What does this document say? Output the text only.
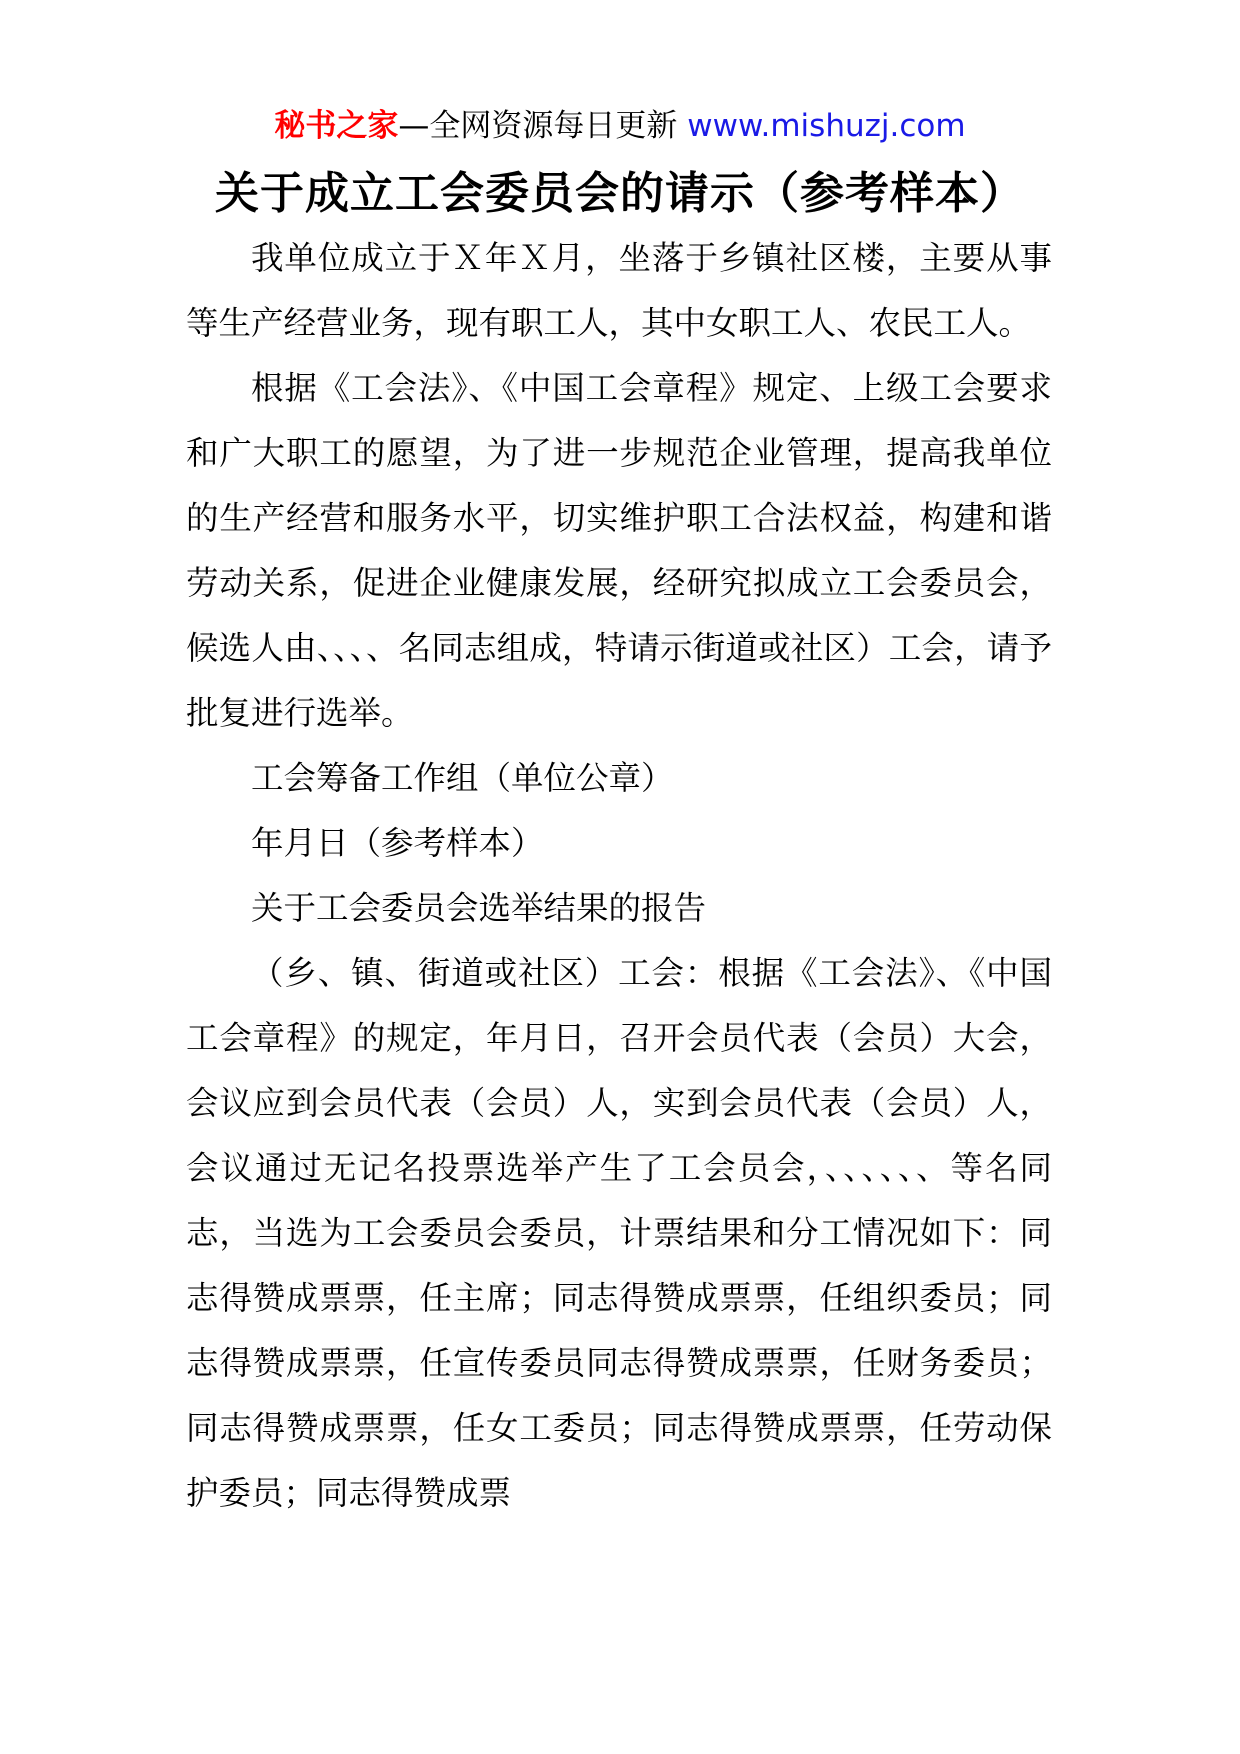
秘书之家—全网资源每日更新 www.mishuzj.com
关于成立工会委员会的请示（参考样本）

我单位成立于Ｘ年Ｘ月，坐落于乡镇社区楼，主要从事等生产经营业务，现有职工人，其中女职工人、农民工人。

根据《工会法》、《中国工会章程》规定、上级工会要求和广大职工的愿望，为了进一步规范企业管理，提高我单位的生产经营和服务水平，切实维护职工合法权益，构建和谐劳动关系，促进企业健康发展，经研究拟成立工会委员会，候选人由、、、、名同志组成，特请示街道或社区）工会，请予批复进行选举。

工会筹备工作组（单位公章）

年月日（参考样本）

关于工会委员会选举结果的报告

（乡、镇、街道或社区）工会：根据《工会法》、《中国工会章程》的规定，年月日，召开会员代表（会员）大会，会议应到会员代表（会员）人，实到会员代表（会员）人，会议通过无记名投票选举产生了工会员会，、、、、、、等名同志，当选为工会委员会委员，计票结果和分工情况如下：同志得赞成票票，任主席；同志得赞成票票，任组织委员；同志得赞成票票，任宣传委员同志得赞成票票，任财务委员；同志得赞成票票，任女工委员；同志得赞成票票，任劳动保护委员；同志得赞成票
